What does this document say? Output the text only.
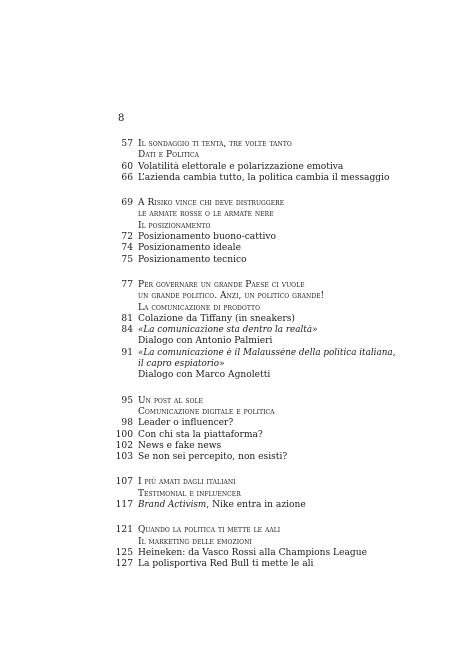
8
57 Il sondaggio ti tenta, tre volte tanto
Dati e Politica
60 Volatilità elettorale e polarizzazione emotiva
66 L’azienda cambia tutto, la politica cambia il messaggio
69 A Risiko vince chi deve distruggere
le armate rosse o le armate nere
Il posizionamento
72 Posizionamento buono-cattivo
74 Posizionamento ideale
75 Posizionamento tecnico
77 Per governare un grande Paese ci vuole
un grande politico. Anzi, un politico grande!
La comunicazione di prodotto
81 Colazione da Tiffany (in sneakers)
84 «La comunicazione sta dentro la realtà»
Dialogo con Antonio Palmieri
91 «La comunicazione è il Malaussène della politica italiana,
il capro espiatorio»
Dialogo con Marco Agnoletti
95 Un post al sole
Comunicazione digitale e politica
98 Leader o influencer?
100 Con chi sta la piattaforma?
102 News e fake news
103 Se non sei percepito, non esisti?
107 I più amati dagli italiani
Testimonial e influencer
117 Brand Activism, Nike entra in azione
121 Quando la politica ti mette le aali
Il marketing delle emozioni
125 Heineken: da Vasco Rossi alla Champions League
127 La polisportiva Red Bull ti mette le ali
